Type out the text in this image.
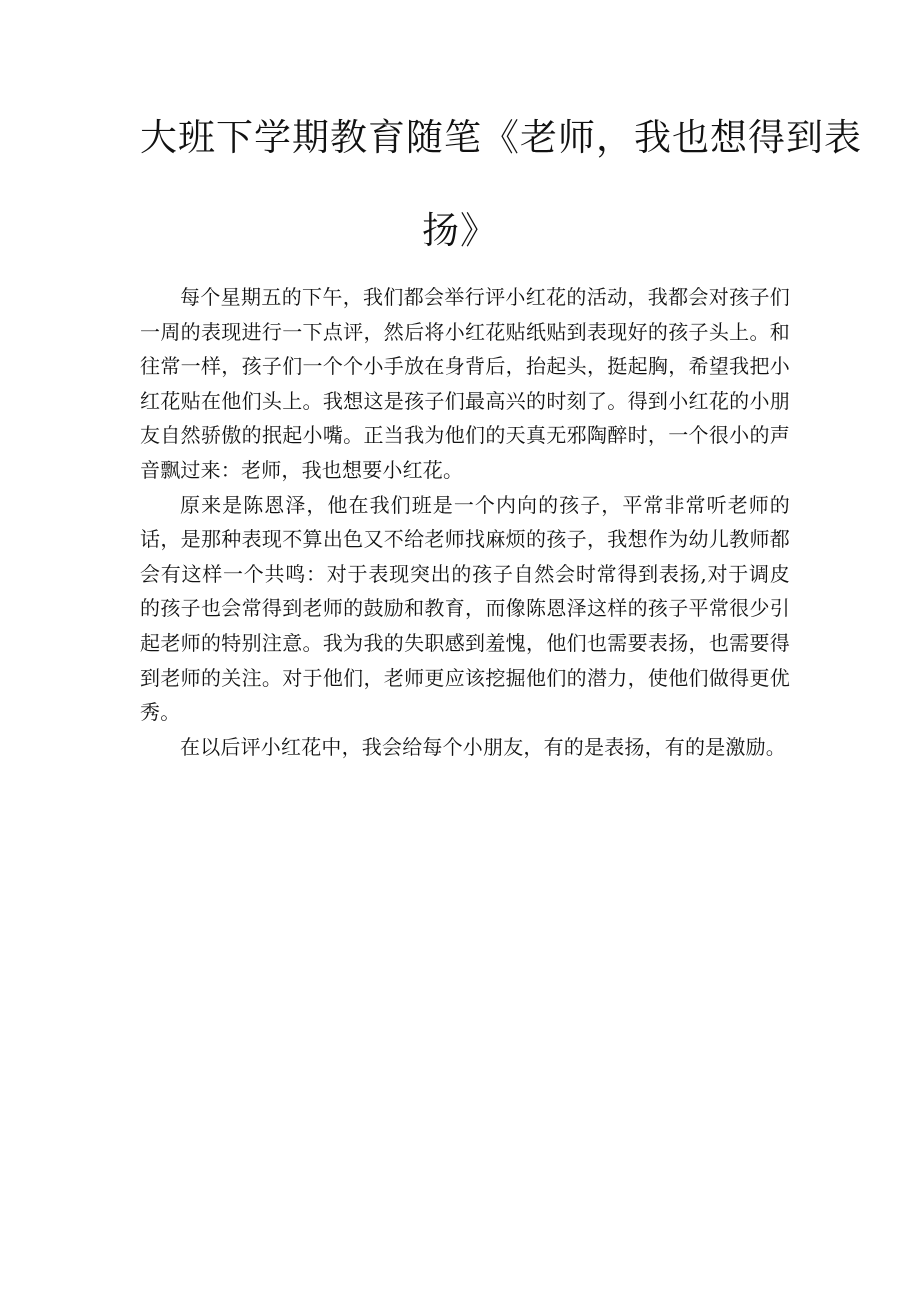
大班下学期教育随笔《老师，我也想得到表
扬》

每个星期五的下午，我们都会举行评小红花的活动，我都会对孩子们一周的表现进行一下点评，然后将小红花贴纸贴到表现好的孩子头上。和往常一样，孩子们一个个小手放在身背后，抬起头，挺起胸，希望我把小红花贴在他们头上。我想这是孩子们最高兴的时刻了。得到小红花的小朋友自然骄傲的抿起小嘴。正当我为他们的天真无邪陶醉时，一个很小的声音飘过来：老师，我也想要小红花。

原来是陈恩泽，他在我们班是一个内向的孩子，平常非常听老师的话，是那种表现不算出色又不给老师找麻烦的孩子，我想作为幼儿教师都会有这样一个共鸣：对于表现突出的孩子自然会时常得到表扬,对于调皮的孩子也会常得到老师的鼓励和教育，而像陈恩泽这样的孩子平常很少引起老师的特别注意。我为我的失职感到羞愧，他们也需要表扬，也需要得到老师的关注。对于他们，老师更应该挖掘他们的潜力，使他们做得更优秀。

在以后评小红花中，我会给每个小朋友，有的是表扬，有的是激励。
